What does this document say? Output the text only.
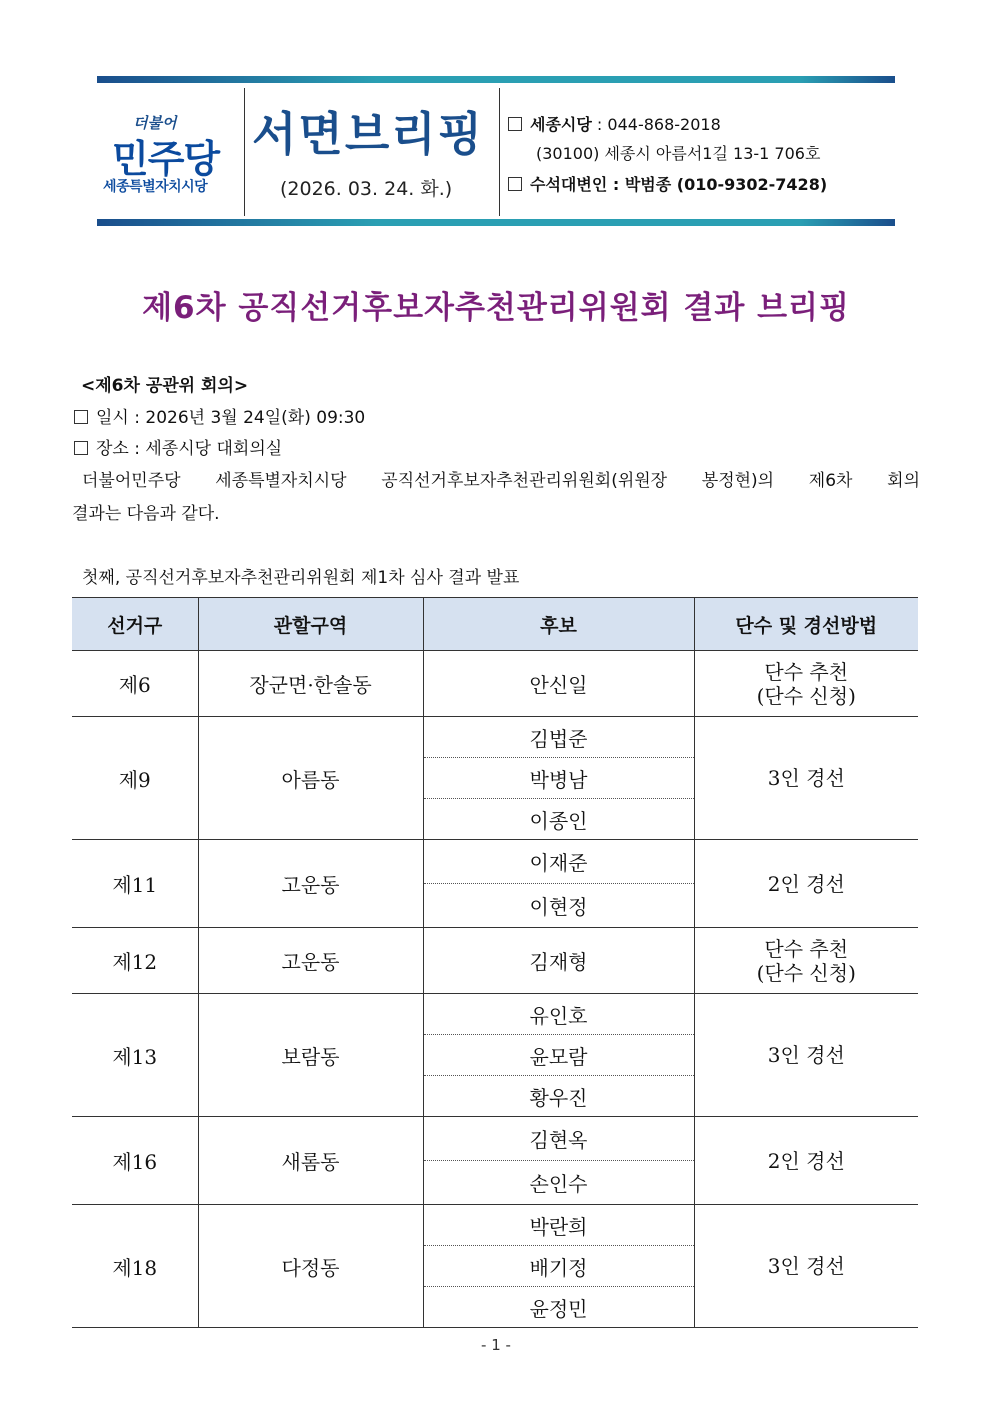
더불어
민주당
세종특별자치시당
서면브리핑
(2026. 03. 24. 화.)
세종시당 : 044-868-2018
(30100) 세종시 아름서1길 13-1 706호
수석대변인 : 박범종 (010-9302-7428)
제6차 공직선거후보자추천관리위원회 결과 브리핑
<제6차 공관위 회의>
일시 : 2026년 3월 24일(화) 09:30
장소 : 세종시당 대회의실
더불어민주당 세종특별자치시당 공직선거후보자추천관리위원회(위원장 봉정현)의 제6차 회의
결과는 다음과 같다.
첫째, 공직선거후보자추천관리위원회 제1차 심사 결과 발표
선거구	관할구역	후보	단수 및 경선방법
제6	장군면·한솔동	안신일	단수 추천
(단수 신청)
제9	아름동	김법준	3인 경선
		박병남	
		이종인	
제11	고운동	이재준	2인 경선
		이현정	
제12	고운동	김재형	단수 추천
(단수 신청)
제13	보람동	유인호	3인 경선
		윤모람	
		황우진	
제16	새롬동	김현옥	2인 경선
		손인수	
제18	다정동	박란희	3인 경선
		배기정	
		윤정민	
- 1 -
